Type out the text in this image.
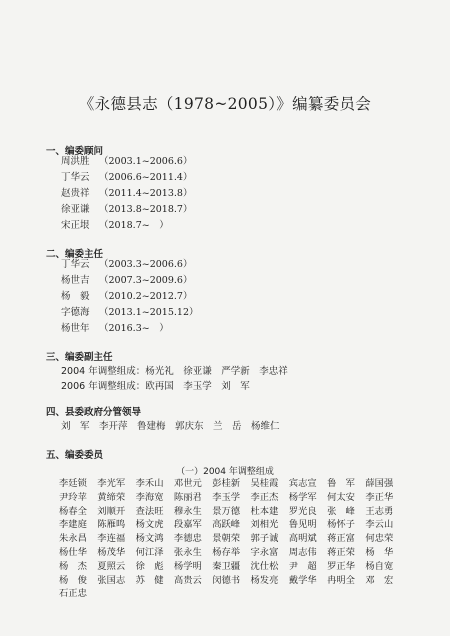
《永德县志（1978~2005）》编纂委员会
一、编委顾问
周洪胜 （2003.1~2006.6）
丁华云 （2006.6~2011.4）
赵贵祥 （2011.4~2013.8）
徐亚谦 （2013.8~2018.7）
宋正垠 （2018.7~　）
二、编委主任
丁华云 （2003.3~2006.6）
杨世吉 （2007.3~2009.6）
杨　毅 （2010.2~2012.7）
字德海 （2013.1~2015.12）
杨世年 （2016.3~　）
三、编委副主任
2004 年调整组成：杨光礼　徐亚谦　严学新　李忠祥
2006 年调整组成：欧再国　李玉学　刘　军
四、县委政府分管领导
刘　军　李开萍　鲁建梅　郭庆东　兰　岳　杨维仁
五、编委委员
（一）2004 年调整组成
李廷锁	李光军	李禾山	邓世元	彭桂新	吴桂霞	宾志宣	鲁　军	薛国强
尹玲苹	黄缔荣	李海宽	陈丽君	李玉学	李正杰	杨学军	何太安	李正华
杨春全	刘顺开	查法旺	穆永生	景万德	杜本建	罗光良	张　峰	王志勇
李建庭	陈雁鸣	杨文虎	段嘉军	高跃峰	刘相光	鲁见明	杨怀子	李云山
朱永昌	李连福	杨文鸿	李德忠	景朝荣	郭子诚	高明斌	蒋正富	何忠荣
杨仕华	杨茂华	何江泽	张永生	杨存举	字永富	周志伟	蒋正荣	杨　华
杨　杰	夏照云	徐　彪	杨学明	秦卫疆	沈仕松	尹　超	罗正华	杨自宽
杨　俊	张国志	苏　健	高贵云	闵德书	杨发亮	戴学华	冉明全	邓　宏
石正忠
